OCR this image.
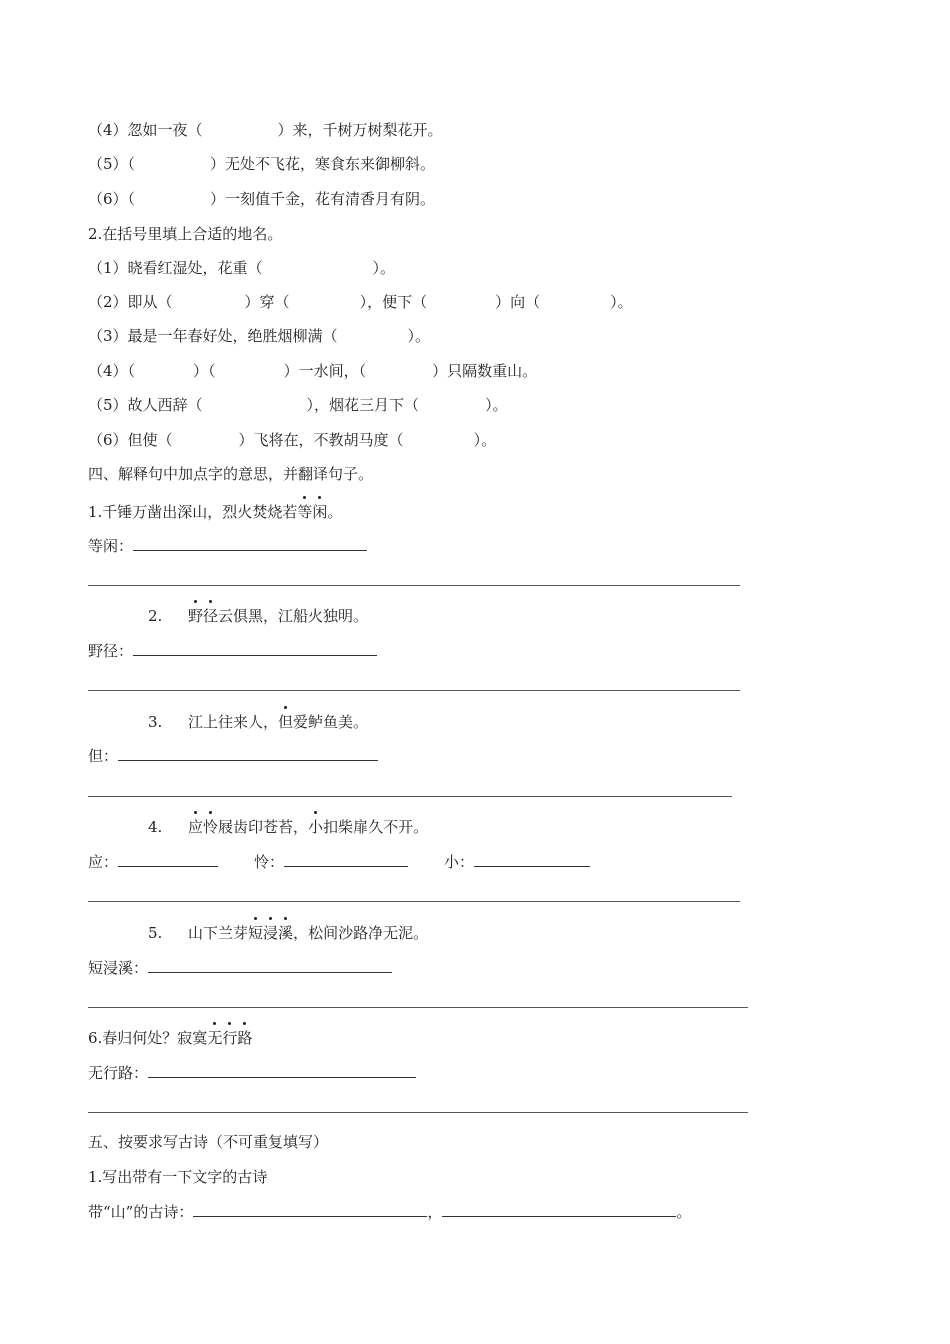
（4）忽如一夜（	）来，千树万树梨花开。
（5）（	）无处不飞花，寒食东来御柳斜。
（6）（	）一刻值千金，花有清香月有阴。
2.在括号里填上合适的地名。
（1）晓看红湿处，花重（	）。
（2）即从（	）穿（	），便下（	）向（	）。
（3）最是一年春好处，绝胜烟柳满（	）。
（4）（	）（	）一水间，（	）只隔数重山。
（5）故人西辞（	），烟花三月下（	）。
（6）但使（	）飞将在，不教胡马度（	）。
四、解释句中加点字的意思，并翻译句子。
1.千锤万凿出深山，烈火焚烧若等闲。
等闲：
2. 野径云俱黑，江船火独明。
野径：
3. 江上往来人，但爱鲈鱼美。
但：
4. 应怜屐齿印苍苔，小扣柴扉久不开。
应：	怜：	小：
5. 山下兰芽短浸溪，松间沙路净无泥。
短浸溪：
6.春归何处？寂寞无行路
无行路：
五、按要求写古诗（不可重复填写）
1.写出带有一下文字的古诗
带“山”的古诗：	，	。
